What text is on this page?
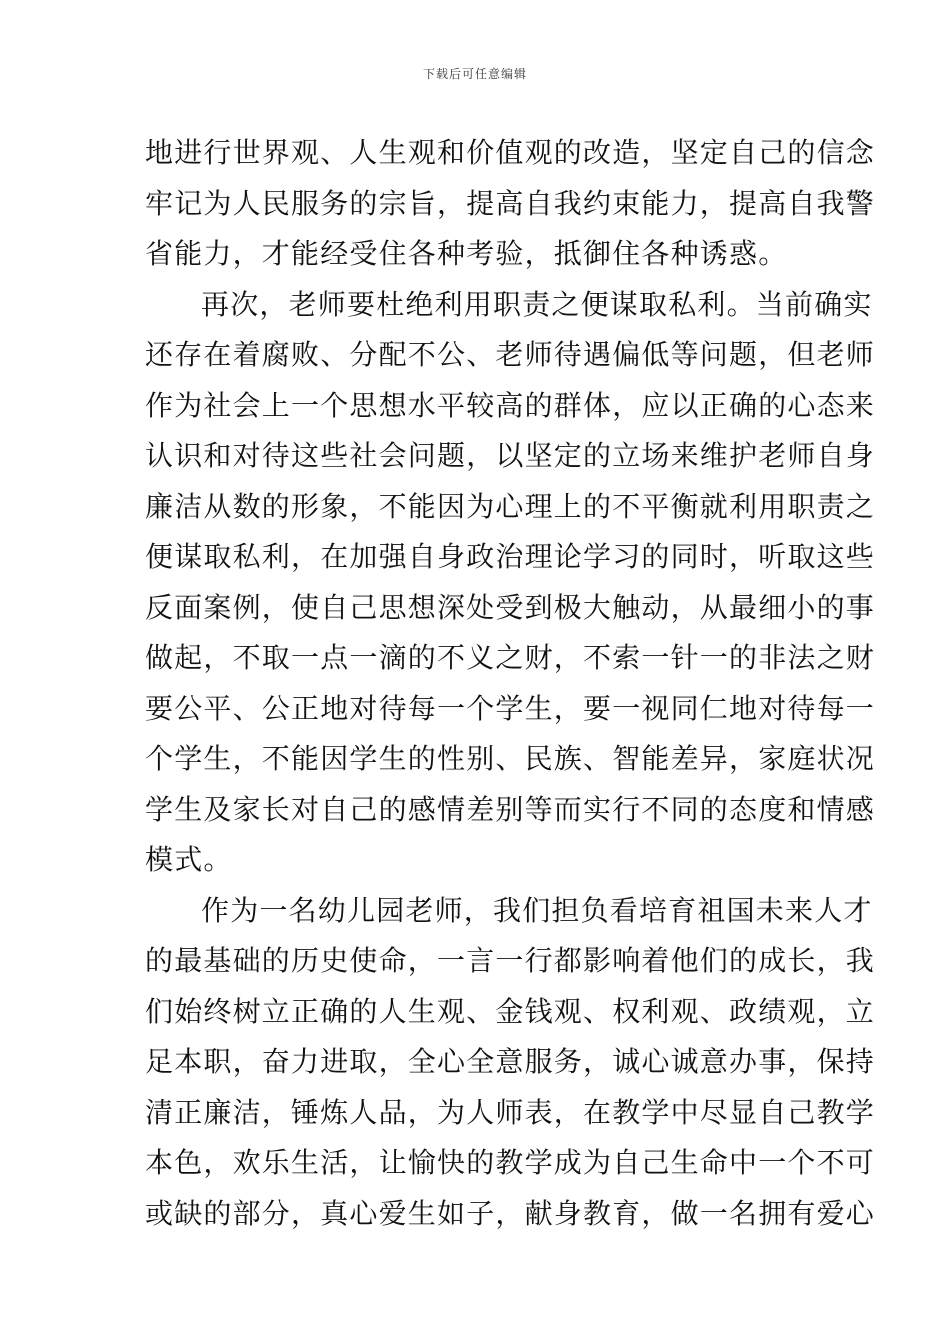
下载后可任意编辑
地进行世界观、人生观和价值观的改造，坚定自己的信念
牢记为人民服务的宗旨，提高自我约束能力，提高自我警
省能力，才能经受住各种考验，抵御住各种诱惑。
再次，老师要杜绝利用职责之便谋取私利。当前确实
还存在着腐败、分配不公、老师待遇偏低等问题，但老师
作为社会上一个思想水平较高的群体，应以正确的心态来
认识和对待这些社会问题，以坚定的立场来维护老师自身
廉洁从数的形象，不能因为心理上的不平衡就利用职责之
便谋取私利，在加强自身政治理论学习的同时，听取这些
反面案例，使自己思想深处受到极大触动，从最细小的事
做起，不取一点一滴的不义之财，不索一针一的非法之财
要公平、公正地对待每一个学生，要一视同仁地对待每一
个学生，不能因学生的性别、民族、智能差异，家庭状况
学生及家长对自己的感情差别等而实行不同的态度和情感
模式。
作为一名幼儿园老师，我们担负看培育祖国未来人才
的最基础的历史使命，一言一行都影响着他们的成长，我
们始终树立正确的人生观、金钱观、权利观、政绩观，立
足本职，奋力进取，全心全意服务，诚心诚意办事，保持
清正廉洁，锤炼人品，为人师表，在教学中尽显自己教学
本色，欢乐生活，让愉快的教学成为自己生命中一个不可
或缺的部分，真心爱生如子，献身教育，做一名拥有爱心
